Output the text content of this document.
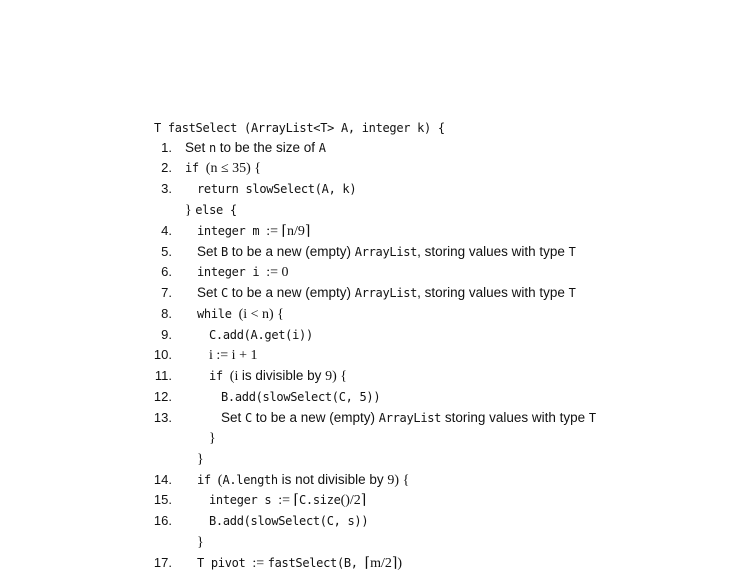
T fastSelect (ArrayList<T> A, integer k) {
1. Set n to be the size of A
2. if (n ≤ 35) {
3. return slowSelect(A, k)
} else {
4. integer m := ⌈n/9⌉
5. Set B to be a new (empty) ArrayList, storing values with type T
6. integer i := 0
7. Set C to be a new (empty) ArrayList, storing values with type T
8. while (i < n) {
9.	C.add(A.get(i))
10.	i := i + 1
11.	if (i is divisible by 9) {
12.	B.add(slowSelect(C, 5))
13.	Set C to be a new (empty) ArrayList storing values with type T
}
}
14. if (A.length is not divisible by 9) {
15.	integer s := ⌈C.size()/2⌉
16.	B.add(slowSelect(C, s))
}
17. T pivot := fastSelect(B, ⌈m/2⌉)
